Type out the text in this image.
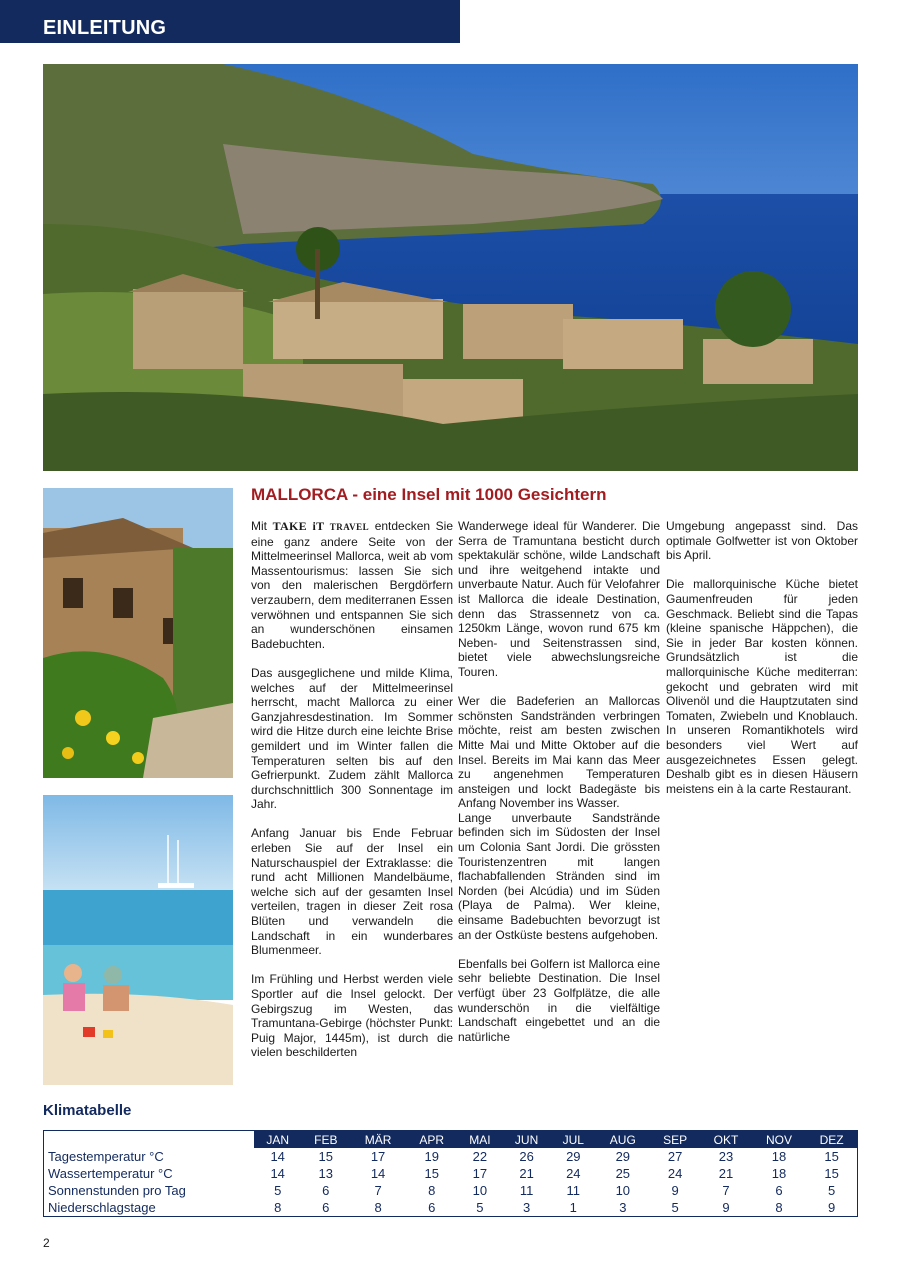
EINLEITUNG
MALLORCA - eine Insel mit 1000 Gesichtern

Mit TAKE iT TRAVEL entdecken Sie eine ganz andere Seite von der Mittelmeerinsel Mallorca, weit ab vom Massentourismus: lassen Sie sich von den malerischen Bergdörfern verzaubern, dem mediterranen Essen verwöhnen und entspannen Sie sich an wunderschönen einsamen Badebuchten.

Das ausgeglichene und milde Klima, welches auf der Mittelmeerinsel herrscht, macht Mallorca zu einer Ganzjahresdestination. Im Sommer wird die Hitze durch eine leichte Brise gemildert und im Winter fallen die Temperaturen selten bis auf den Gefrierpunkt. Zudem zählt Mallorca durchschnittlich 300 Sonnentage im Jahr.

Anfang Januar bis Ende Februar erleben Sie auf der Insel ein Naturschauspiel der Extraklasse: die rund acht Millionen Mandelbäume, welche sich auf der gesamten Insel verteilen, tragen in dieser Zeit rosa Blüten und verwandeln die Landschaft in ein wunderbares Blumenmeer.

Im Frühling und Herbst werden viele Sportler auf die Insel gelockt. Der Gebirgszug im Westen, das Tramuntana-Gebirge (höchster Punkt: Puig Major, 1445m), ist durch die vielen beschilderten

Wanderwege ideal für Wanderer. Die Serra de Tramuntana besticht durch spektakulär schöne, wilde Landschaft und ihre weitgehend intakte und unverbaute Natur. Auch für Velofahrer ist Mallorca die ideale Destination, denn das Strassennetz von ca. 1250km Länge, wovon rund 675 km Neben- und Seitenstrassen sind, bietet viele abwechslungsreiche Touren.

Wer die Badeferien an Mallorcas schönsten Sandstränden verbringen möchte, reist am besten zwischen Mitte Mai und Mitte Oktober auf die Insel. Bereits im Mai kann das Meer zu angenehmen Temperaturen ansteigen und lockt Badegäste bis Anfang November ins Wasser.

Lange unverbaute Sandstrände befinden sich im Südosten der Insel um Colonia Sant Jordi. Die grössten Touristenzentren mit langen flachabfallenden Stränden sind im Norden (bei Alcúdia) und im Süden (Playa de Palma). Wer kleine, einsame Badebuchten bevorzugt ist an der Ostküste bestens aufgehoben.

Ebenfalls bei Golfern ist Mallorca eine sehr beliebte Destination. Die Insel verfügt über 23 Golfplätze, die alle wunderschön in die vielfältige Landschaft eingebettet und an die natürliche

Umgebung angepasst sind. Das optimale Golfwetter ist von Oktober bis April.

Die mallorquinische Küche bietet Gaumenfreuden für jeden Geschmack. Beliebt sind die Tapas (kleine spanische Häppchen), die Sie in jeder Bar kosten können. Grundsätzlich ist die mallorquinische Küche mediterran: gekocht und gebraten wird mit Olivenöl und die Hauptzutaten sind Tomaten, Zwiebeln und Knoblauch. In unseren Romantikhotels wird besonders viel Wert auf ausgezeichnetes Essen gelegt. Deshalb gibt es in diesen Häusern meistens ein à la carte Restaurant.

Klimatabelle
	JAN	FEB	MÄR	APR	MAI	JUN	JUL	AUG	SEP	OKT	NOV	DEZ
Tagestemperatur °C	14	15	17	19	22	26	29	29	27	23	18	15
Wassertemperatur °C	14	13	14	15	17	21	24	25	24	21	18	15
Sonnenstunden pro Tag	5	6	7	8	10	11	11	10	9	7	6	5
Niederschlagstage	8	6	8	6	5	3	1	3	5	9	8	9
2
